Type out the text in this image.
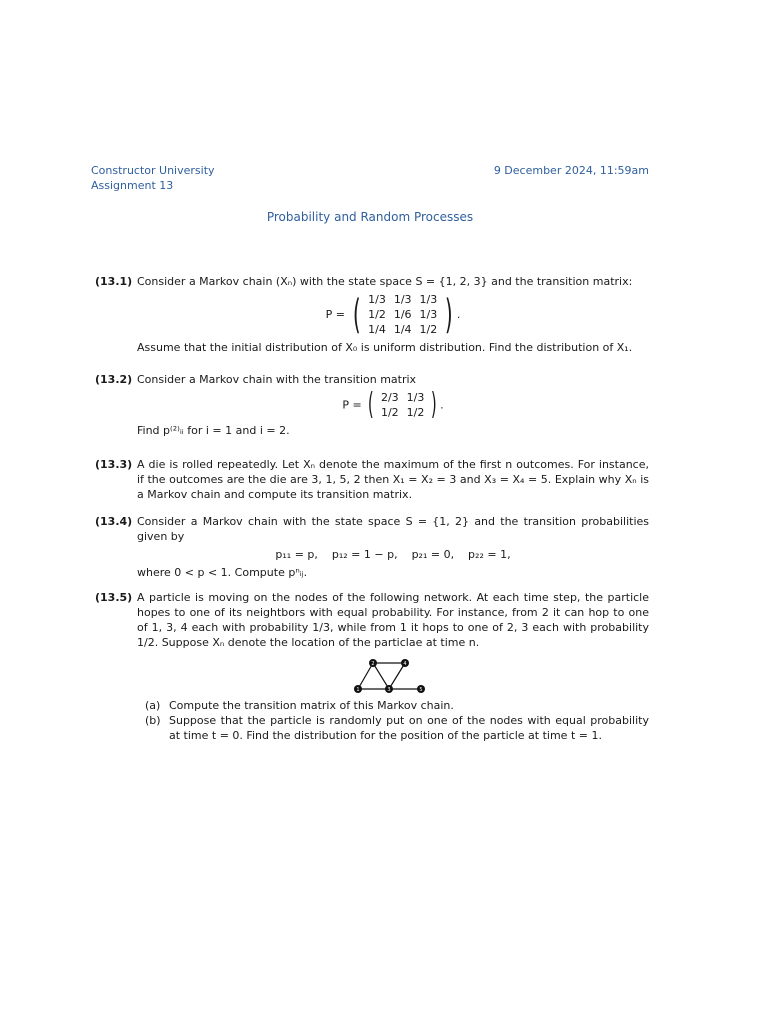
Constructor University
Assignment 13
9 December 2024, 11:59am
Probability and Random Processes
(13.1) Consider a Markov chain (Xₙ) with the state space S = {1, 2, 3} and the transition matrix:
P = ( 1/3	1/3	1/3
1/2	1/6	1/3
1/4	1/4	1/2 ) .
Assume that the initial distribution of X₀ is uniform distribution. Find the distribution of X₁.
(13.2) Consider a Markov chain with the transition matrix
P = ( 2/3	1/3
1/2	1/2 ) .
Find p⁽²⁾ᵢᵢ for i = 1 and i = 2.
(13.3) A die is rolled repeatedly. Let Xₙ denote the maximum of the first n outcomes. For instance, if the outcomes are the die are 3, 1, 5, 2 then X₁ = X₂ = 3 and X₃ = X₄ = 5. Explain why Xₙ is a Markov chain and compute its transition matrix.
(13.4) Consider a Markov chain with the state space S = {1, 2} and the transition probabilities given by
p₁₁ = p,    p₁₂ = 1 − p,    p₂₁ = 0,    p₂₂ = 1,
where 0 < p < 1. Compute pⁿᵢⱼ.
(13.5) A particle is moving on the nodes of the following network. At each time step, the particle hopes to one of its neightbors with equal probability. For instance, from 2 it can hop to one of 1, 3, 4 each with probability 1/3, while from 1 it hops to one of 2, 3 each with probability 1/2. Suppose Xₙ denote the location of the particlae at time n.
1
2
3
4
5
(a) Compute the transition matrix of this Markov chain.
(b) Suppose that the particle is randomly put on one of the nodes with equal probability at time t = 0. Find the distribution for the position of the particle at time t = 1.
